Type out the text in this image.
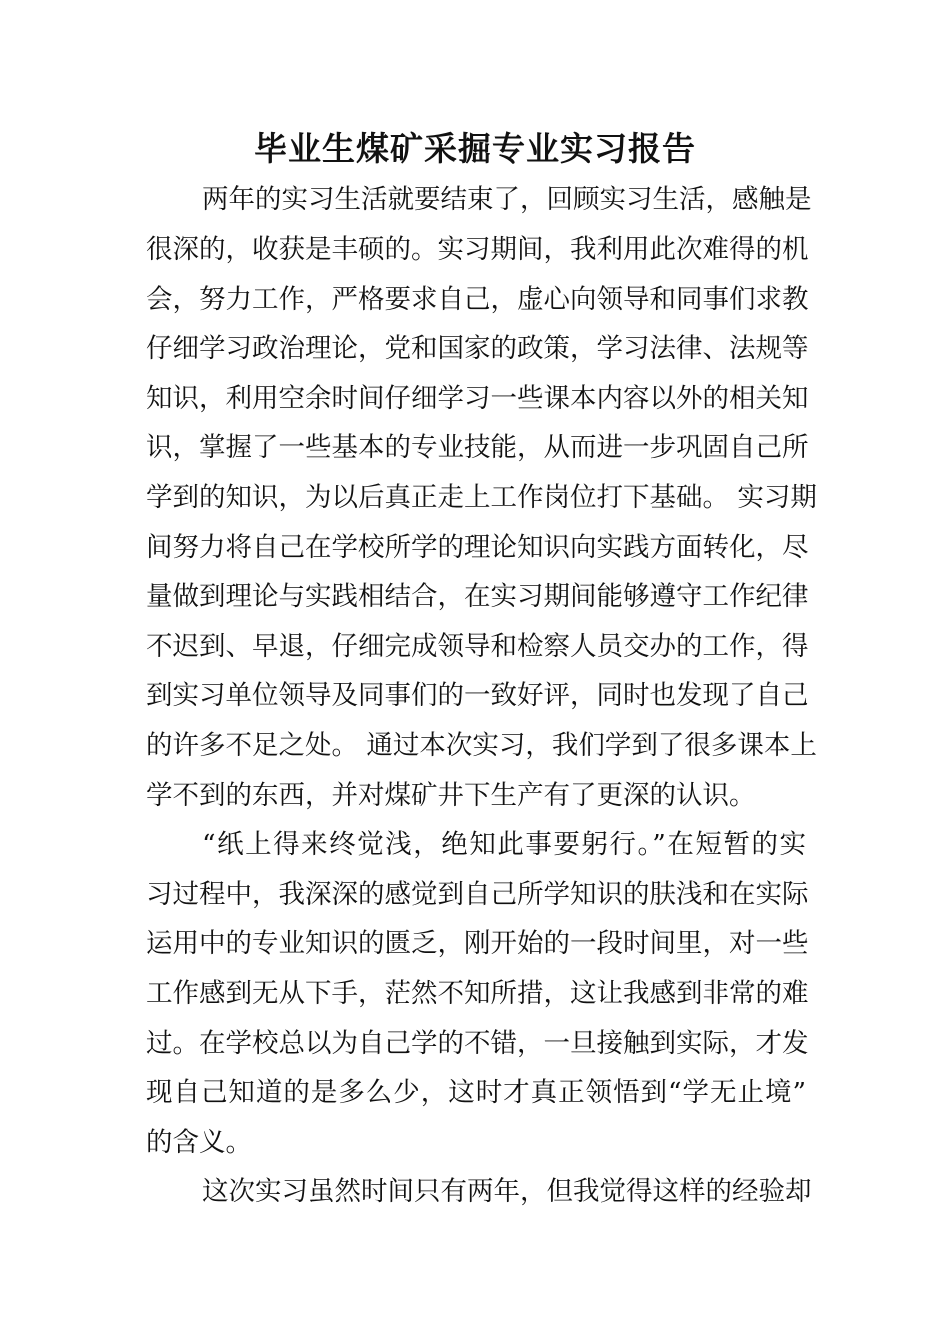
毕业生煤矿采掘专业实习报告

两年的实习生活就要结束了，回顾实习生活，感触是

很深的，收获是丰硕的。实习期间，我利用此次难得的机

会，努力工作，严格要求自己，虚心向领导和同事们求教

仔细学习政治理论，党和国家的政策，学习法律、法规等

知识，利用空余时间仔细学习一些课本内容以外的相关知

识，掌握了一些基本的专业技能，从而进一步巩固自己所

学到的知识，为以后真正走上工作岗位打下基础。 实习期

间努力将自己在学校所学的理论知识向实践方面转化，尽

量做到理论与实践相结合，在实习期间能够遵守工作纪律

不迟到、早退，仔细完成领导和检察人员交办的工作，得

到实习单位领导及同事们的一致好评，同时也发现了自己

的许多不足之处。 通过本次实习，我们学到了很多课本上

学不到的东西，并对煤矿井下生产有了更深的认识。

“纸上得来终觉浅，绝知此事要躬行。”在短暂的实

习过程中，我深深的感觉到自己所学知识的肤浅和在实际

运用中的专业知识的匮乏，刚开始的一段时间里，对一些

工作感到无从下手，茫然不知所措，这让我感到非常的难

过。在学校总以为自己学的不错，一旦接触到实际，才发

现自己知道的是多么少，这时才真正领悟到“学无止境”

的含义。

这次实习虽然时间只有两年，但我觉得这样的经验却
